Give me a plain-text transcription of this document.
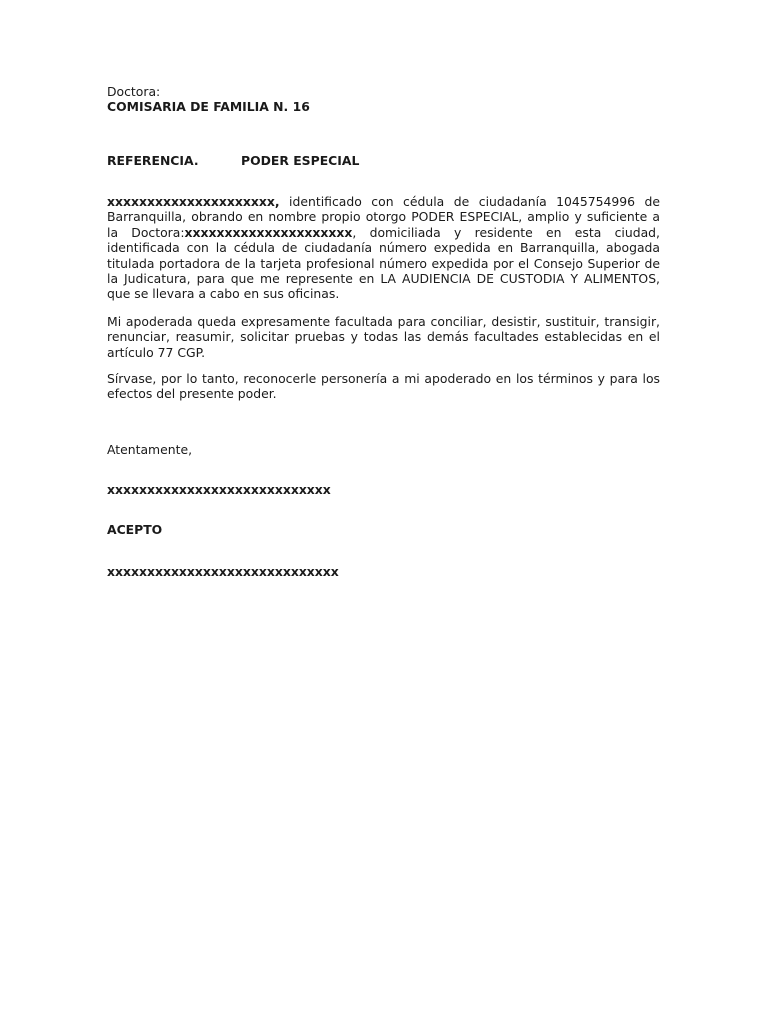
Doctora:
COMISARIA DE FAMILIA N. 16
REFERENCIA.	PODER ESPECIAL
xxxxxxxxxxxxxxxxxxxxx, identificado con cédula de ciudadanía 1045754996 de Barranquilla, obrando en nombre propio otorgo PODER ESPECIAL, amplio y suficiente a la Doctora:xxxxxxxxxxxxxxxxxxxxx, domiciliada y residente en esta ciudad, identificada con la cédula de ciudadanía número expedida en Barranquilla, abogada titulada portadora de la tarjeta profesional número expedida por el Consejo Superior de la Judicatura, para que me represente en LA AUDIENCIA DE CUSTODIA Y ALIMENTOS, que se llevara a cabo en sus oficinas.
Mi apoderada queda expresamente facultada para conciliar, desistir, sustituir, transigir, renunciar, reasumir, solicitar pruebas y todas las demás facultades establecidas en el artículo 77 CGP.
Sírvase, por lo tanto, reconocerle personería a mi apoderado en los términos y para los efectos del presente poder.
Atentamente,
xxxxxxxxxxxxxxxxxxxxxxxxxxxx
ACEPTO
xxxxxxxxxxxxxxxxxxxxxxxxxxxxx
